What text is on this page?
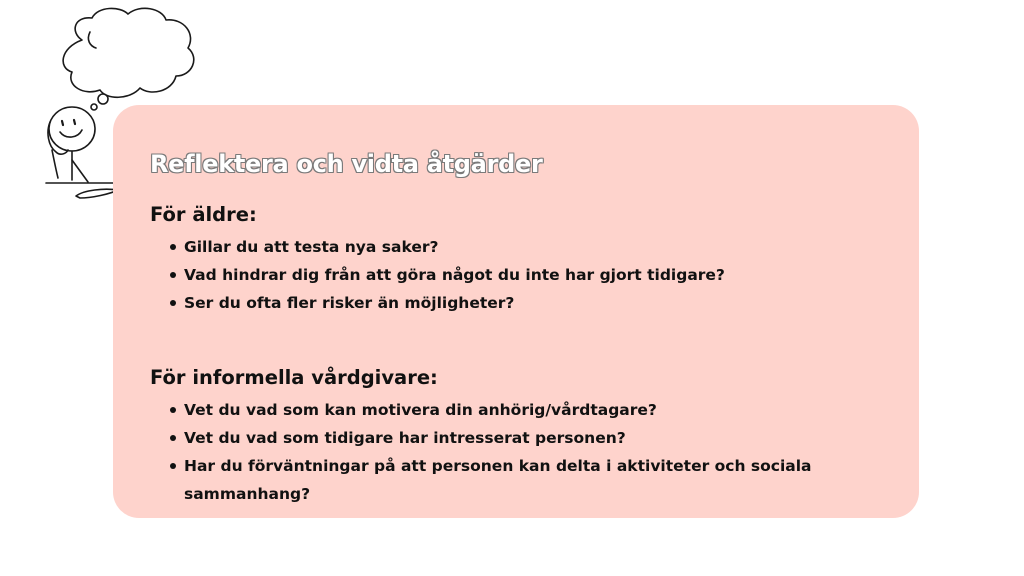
Reflektera och vidta åtgärder
För äldre:
Gillar du att testa nya saker?
Vad hindrar dig från att göra något du inte har gjort tidigare?
Ser du ofta fler risker än möjligheter?
För informella vårdgivare:
Vet du vad som kan motivera din anhörig/vårdtagare?
Vet du vad som tidigare har intresserat personen?
Har du förväntningar på att personen kan delta i aktiviteter och sociala sammanhang?
